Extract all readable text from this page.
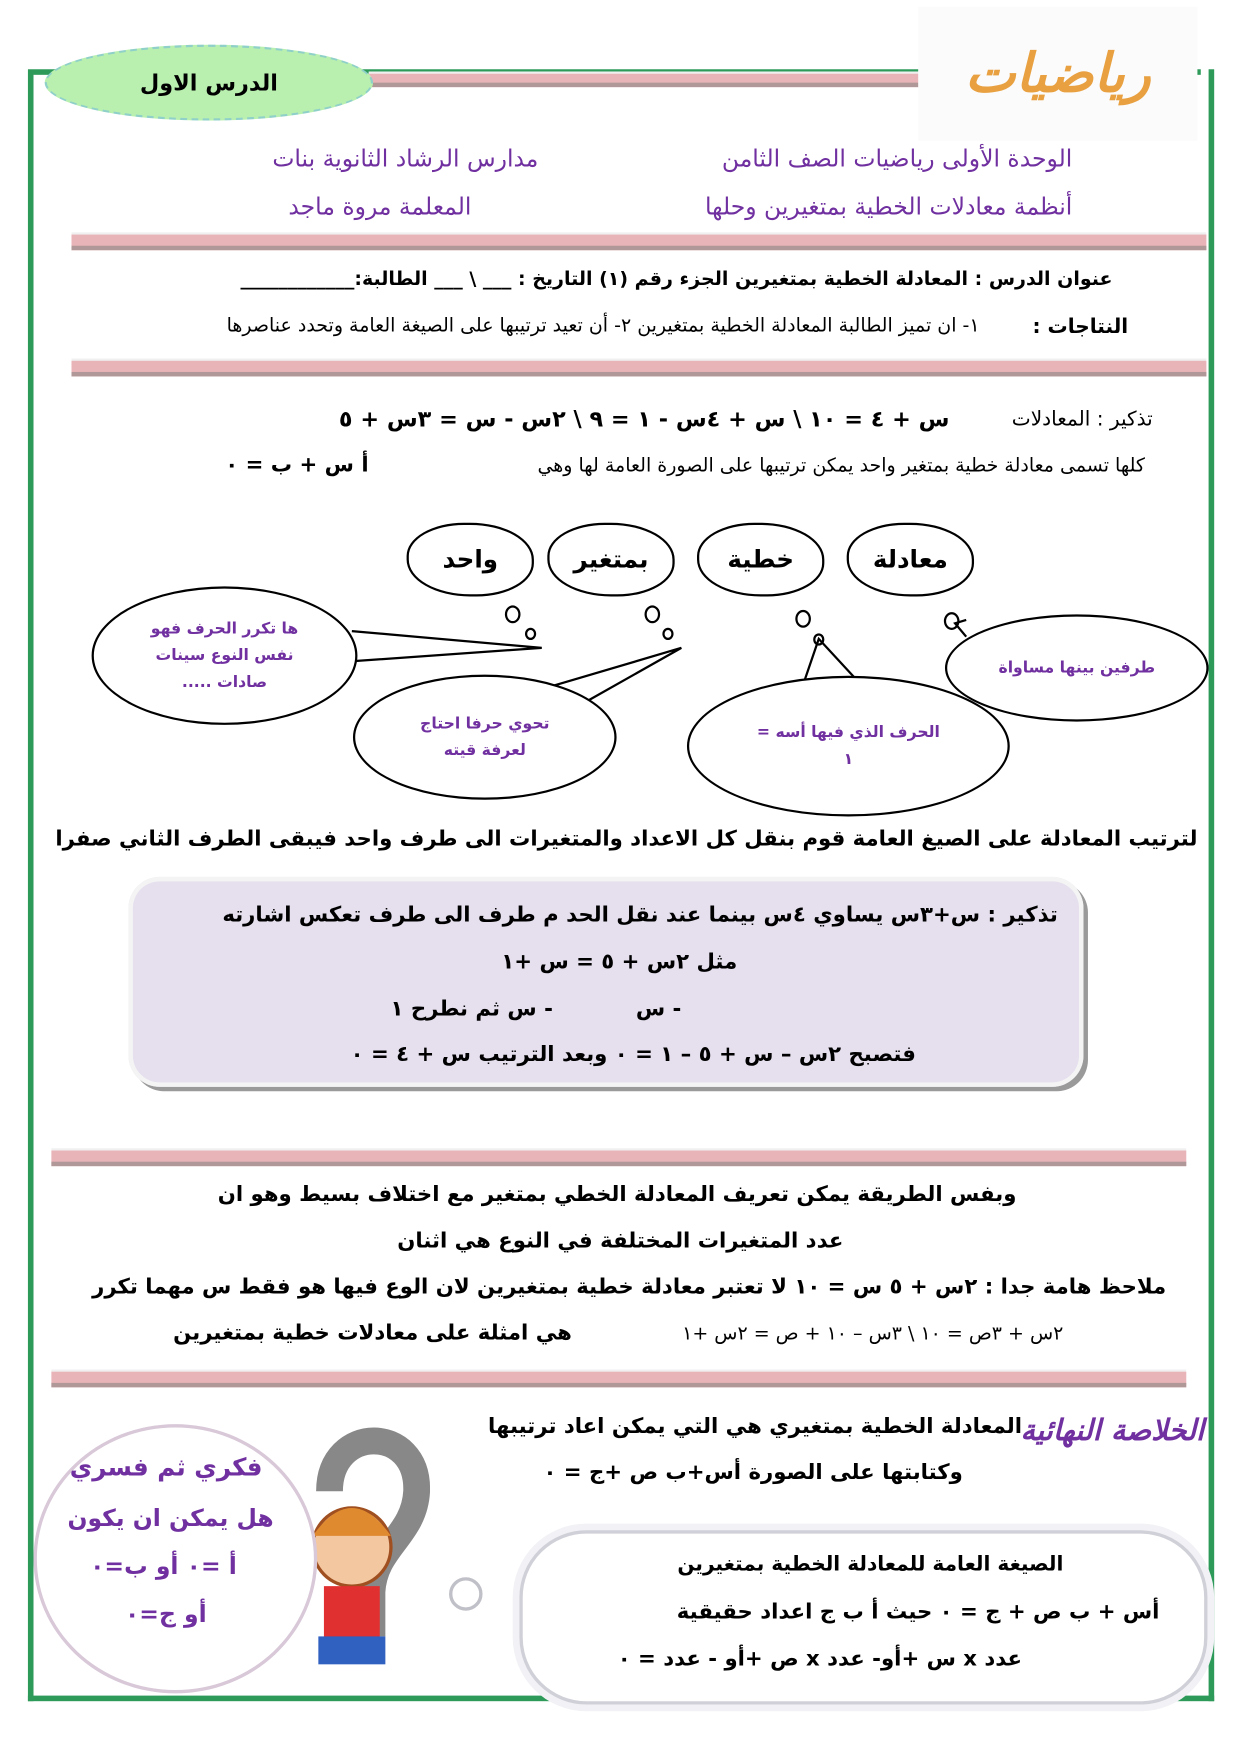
الدرس الاول	رياضيات
الوحدة الأولى رياضيات الصف الثامن
مدارس الرشاد الثانوية بنات
أنظمة معادلات الخطية بمتغيرين وحلها
المعلمة مروة ماجد
عنوان الدرس : المعادلة الخطية بمتغيرين الجزء رقم (١) التاريخ : ___ \ ___ الطالبة:____________
النتاجات :
١- ان تميز الطالبة المعادلة الخطية بمتغيرين ٢- أن تعيد ترتيبها على الصيغة العامة وتحدد عناصرها
تذكير : المعادلات
س + ٤ = ١٠ \ س + ٤س - ١ = ٩ \ ٢س - س = ٣س + ٥
كلها تسمى معادلة خطية بمتغير واحد يمكن ترتيبها على الصورة العامة لها وهي
أ س + ب = ٠
معادلة
خطية
بمتغير
واحد
طرفين بينها مساواة
الحرف الذي فيها أسه =
١
تحوي حرفا احتاج
لعرفة قيته
ها تكرر الحرف فهو
نفس النوع سينات
صادات .....
لترتيب المعادلة على الصيغ العامة قوم بنقل كل الاعداد والمتغيرات الى طرف واحد فيبقى الطرف الثاني صفرا
تذكير : س+٣س يساوي ٤س بينما عند نقل الحد م طرف الى طرف تعكس اشارته
مثل ٢س + ٥ = س +١
- س
- س ثم نطرح ١
فتصبح ٢س – س + ٥ – ١ = ٠ وبعد الترتيب س + ٤ = ٠
وبفس الطريقة يمكن تعريف المعادلة الخطي بمتغير مع اختلاف بسيط وهو ان
عدد المتغيرات المختلفة في النوع هي اثنان
ملاحظ هامة جدا : ٢س + ٥ س = ١٠ لا تعتبر معادلة خطية بمتغيرين لان الوع فيها هو فقط س مهما تكرر
٢س + ٣ص = ١٠ \ ٣س – ١٠ + ص = ٢س +١
هي امثلة على معادلات خطية بمتغيرين
الخلاصة النهائية
المعادلة الخطية بمتغيري هي التي يمكن اعاد ترتيبها
وكتابتها على الصورة أس+ب ص +ج = ٠
الصيغة العامة للمعادلة الخطية بمتغيرين
أس + ب ص + ج = ٠ حيث أ ب ج اعداد حقيقية
عدد x س +أو- عدد x ص +أو - عدد = ٠
فكري ثم فسري
هل يمكن ان يكون
أ =٠ أو ب=٠
أو ج=٠
